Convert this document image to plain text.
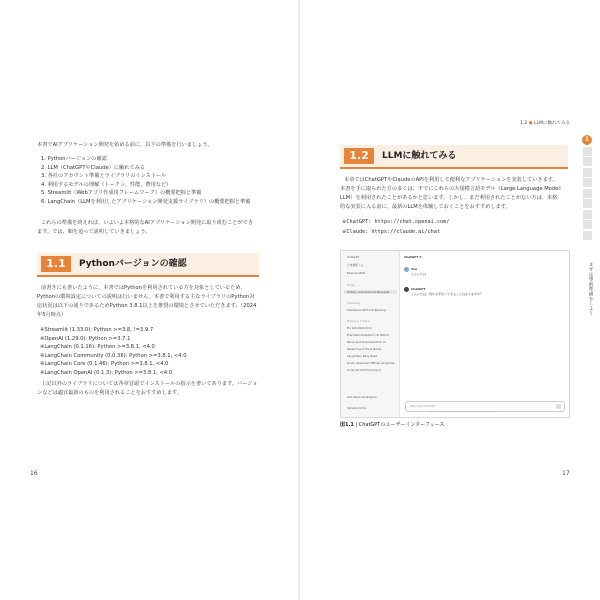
本書でAIアプリケーション開発を始める前に、以下の準備を行いましょう。
1. Pythonバージョンの確認
2. LLM（ChatGPTやClaude）に触れてみる
3. 各社のアカウント準備とライブラリのインストール
4. 利用するモデルの理解（トークン、性能、費用など）
5. Streamlit（Webアプリ作成用フレームワーク）の概要把握と準備
6. LangChain（LLMを利用したアプリケーション開発支援ライブラリ）の概要把握と準備
これらの準備を終えれば、いよいよ本格的なAIアプリケーション開発に取り組むことができ
ます。では、順を追って説明していきましょう。
1.1	Pythonバージョンの確認
前書きにも書いたように、本書ではPythonを利用されている方を対象としているため、
Pythonの環境設定についての説明は行いません。本書で利用する主なライブラリのPython対
応状況は以下の通りであるためPython 3.8.1以上を推奨の環境とさせていただきます。（2024
年5月時点）
※Streamlit (1.33.0): Python >=3.8, !=3.9.7
※OpenAI (1.29.0): Python >=3.7.1
※LangChain (0.1.16): Python >=3.8.1, <4.0
※LangChain Community (0.0.36): Python >=3.8.1, <4.0
※LangChain Core (0.1.46): Python >=3.8.1, <4.0
※LangChain OpenAI (0.1.3): Python >=3.8.1, <4.0
上記以外のライブラリについては各章冒頭でインストールの指示を書いてあります。バージョ
ンなどは適宜最新のものを利用されることをおすすめします。
16
1.2 ● LLMに触れてみる
1.2	LLMに触れてみる
本章ではChatGPTやClaudeのAPIを利用して便利なアプリケーションを実装していきます。
本書を手に取られた方の多くは、すでにこれらの大規模言語モデル（Large Language Model:
LLM）を利用されたことがあるかと思います。しかし、まだ利用されたことがない方は、本格
的な実装に入る前に、最新のLLMを体験しておくことをおすすめします。
※ChatGPT: https://chat.openai.com/
※Claude: https://claude.ai/chat
1
まずは事前準備をしよう
ChatGPT
日本語訳くん
Explore GPTs
Today
History Architectural Requests
Yesterday
Shortened GPT-4 IP Routing
Previous 7 Days
Fix iOS 2024 Error
Educational Reform (AI World)
Parse and Download Pict, br
Pasta Found Trans Name
LangChain Easy Read
Quick download Official Langchain
Undo Git Add Command
Add Team workspace
Yamada Ichiro
ChatGPT 4
You
こんにちは
ChatGPT
こんにちは！何かお手伝いできることはありますか？
Message ChatGPT...
ChatGPT can make mistakes. Consider checking important information.
図1.1 | ChatGPTのユーザーインターフェース
17
